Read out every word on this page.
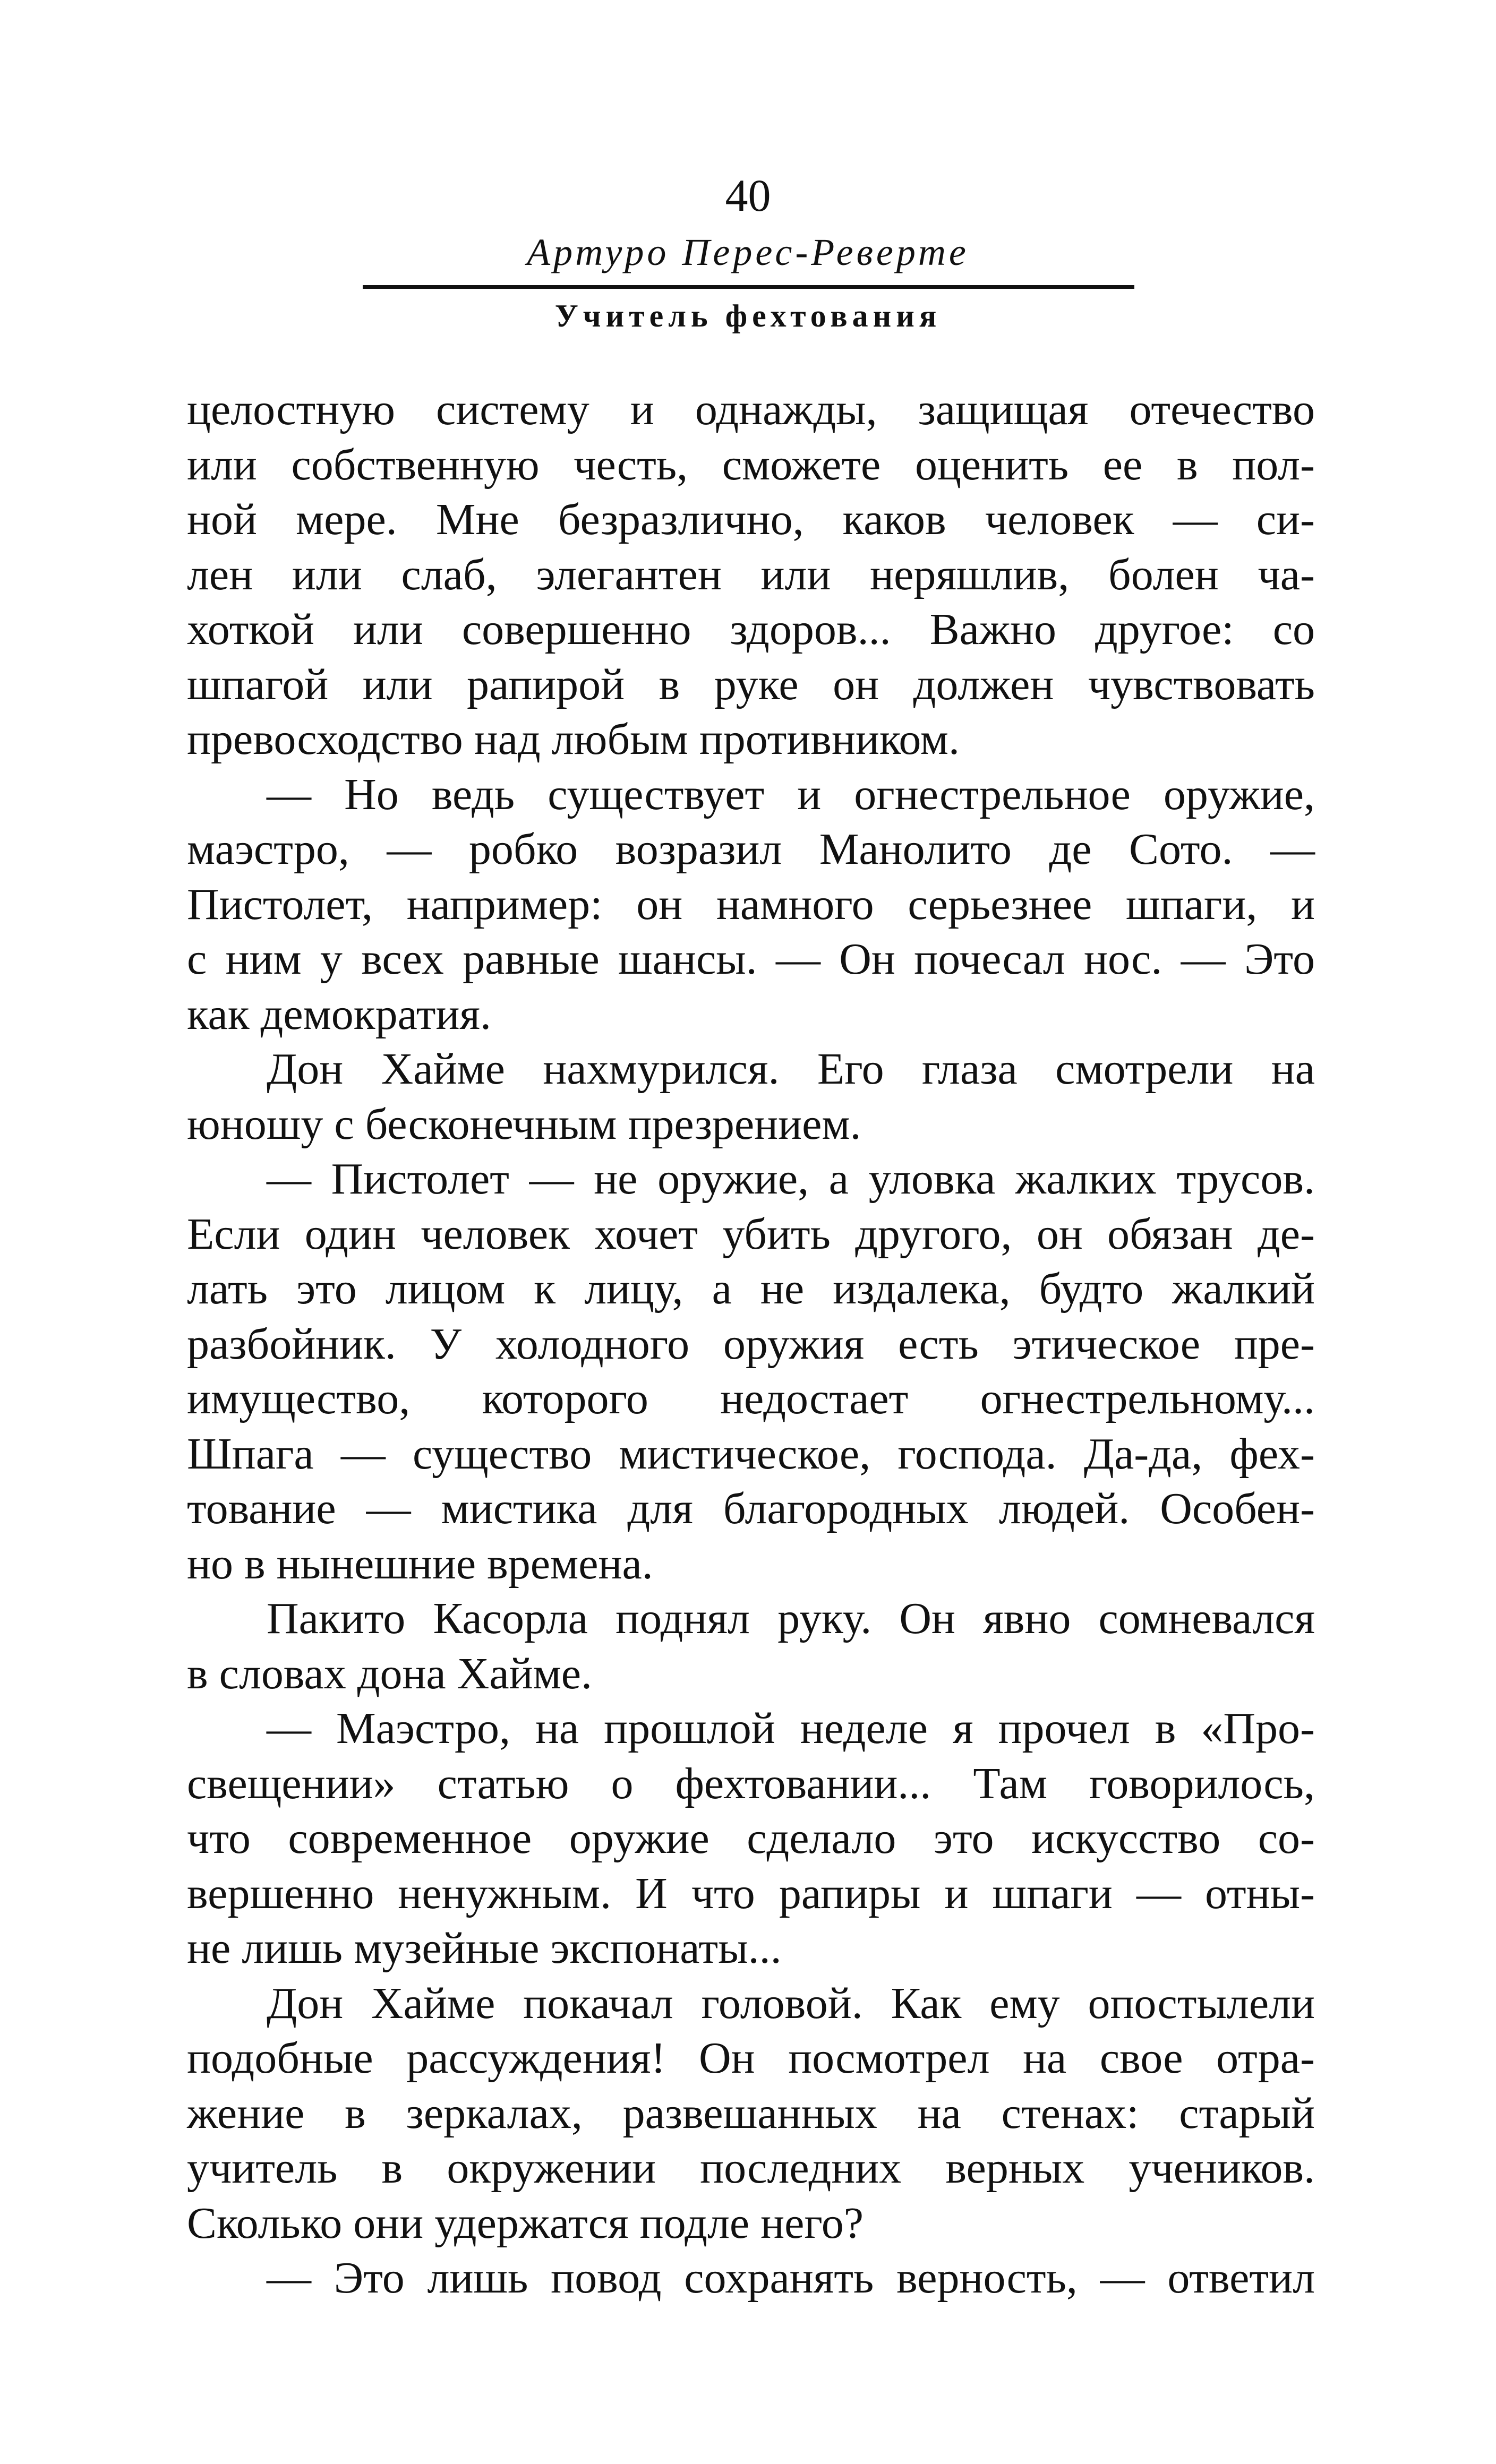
40
Артуро Перес-Реверте
Учитель фехтования
целостную систему и однажды, защищая отечество
или собственную честь, сможете оценить ее в пол-
ной мере. Мне безразлично, каков человек — си-
лен или слаб, элегантен или неряшлив, болен ча-
хоткой или совершенно здоров... Важно другое: со
шпагой или рапирой в руке он должен чувствовать
превосходство над любым противником.
— Но ведь существует и огнестрельное оружие,
маэстро, — робко возразил Манолито де Сото. —
Пистолет, например: он намного серьезнее шпаги, и
с ним у всех равные шансы. — Он почесал нос. — Это
как демократия.
Дон Хайме нахмурился. Его глаза смотрели на
юношу с бесконечным презрением.
— Пистолет — не оружие, а уловка жалких трусов.
Если один человек хочет убить другого, он обязан де-
лать это лицом к лицу, а не издалека, будто жалкий
разбойник. У холодного оружия есть этическое пре-
имущество, которого недостает огнестрельному...
Шпага — существо мистическое, господа. Да-да, фех-
тование — мистика для благородных людей. Особен-
но в нынешние времена.
Пакито Касорла поднял руку. Он явно сомневался
в словах дона Хайме.
— Маэстро, на прошлой неделе я прочел в «Про-
свещении» статью о фехтовании... Там говорилось,
что современное оружие сделало это искусство со-
вершенно ненужным. И что рапиры и шпаги — отны-
не лишь музейные экспонаты...
Дон Хайме покачал головой. Как ему опостылели
подобные рассуждения! Он посмотрел на свое отра-
жение в зеркалах, развешанных на стенах: старый
учитель в окружении последних верных учеников.
Сколько они удержатся подле него?
— Это лишь повод сохранять верность, — ответил
